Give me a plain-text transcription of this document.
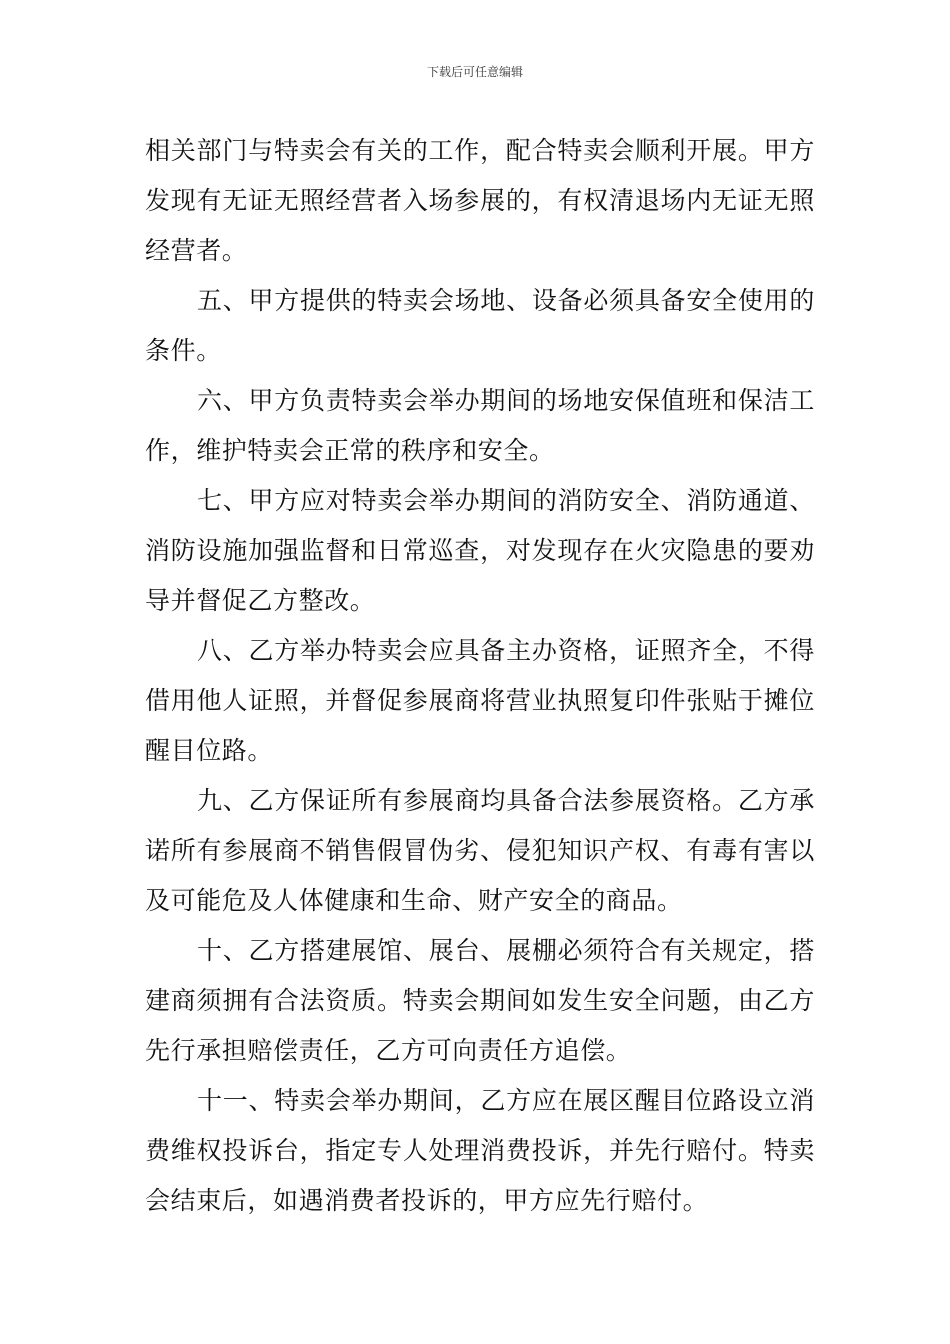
下载后可任意编辑

相关部门与特卖会有关的工作，配合特卖会顺利开展。甲方发现有无证无照经营者入场参展的，有权清退场内无证无照经营者。

五、甲方提供的特卖会场地、设备必须具备安全使用的条件。

六、甲方负责特卖会举办期间的场地安保值班和保洁工作，维护特卖会正常的秩序和安全。

七、甲方应对特卖会举办期间的消防安全、消防通道、消防设施加强监督和日常巡查，对发现存在火灾隐患的要劝导并督促乙方整改。

八、乙方举办特卖会应具备主办资格，证照齐全，不得借用他人证照，并督促参展商将营业执照复印件张贴于摊位醒目位路。

九、乙方保证所有参展商均具备合法参展资格。乙方承诺所有参展商不销售假冒伪劣、侵犯知识产权、有毒有害以及可能危及人体健康和生命、财产安全的商品。

十、乙方搭建展馆、展台、展棚必须符合有关规定，搭建商须拥有合法资质。特卖会期间如发生安全问题，由乙方先行承担赔偿责任，乙方可向责任方追偿。

十一、特卖会举办期间，乙方应在展区醒目位路设立消费维权投诉台，指定专人处理消费投诉，并先行赔付。特卖会结束后，如遇消费者投诉的，甲方应先行赔付。
